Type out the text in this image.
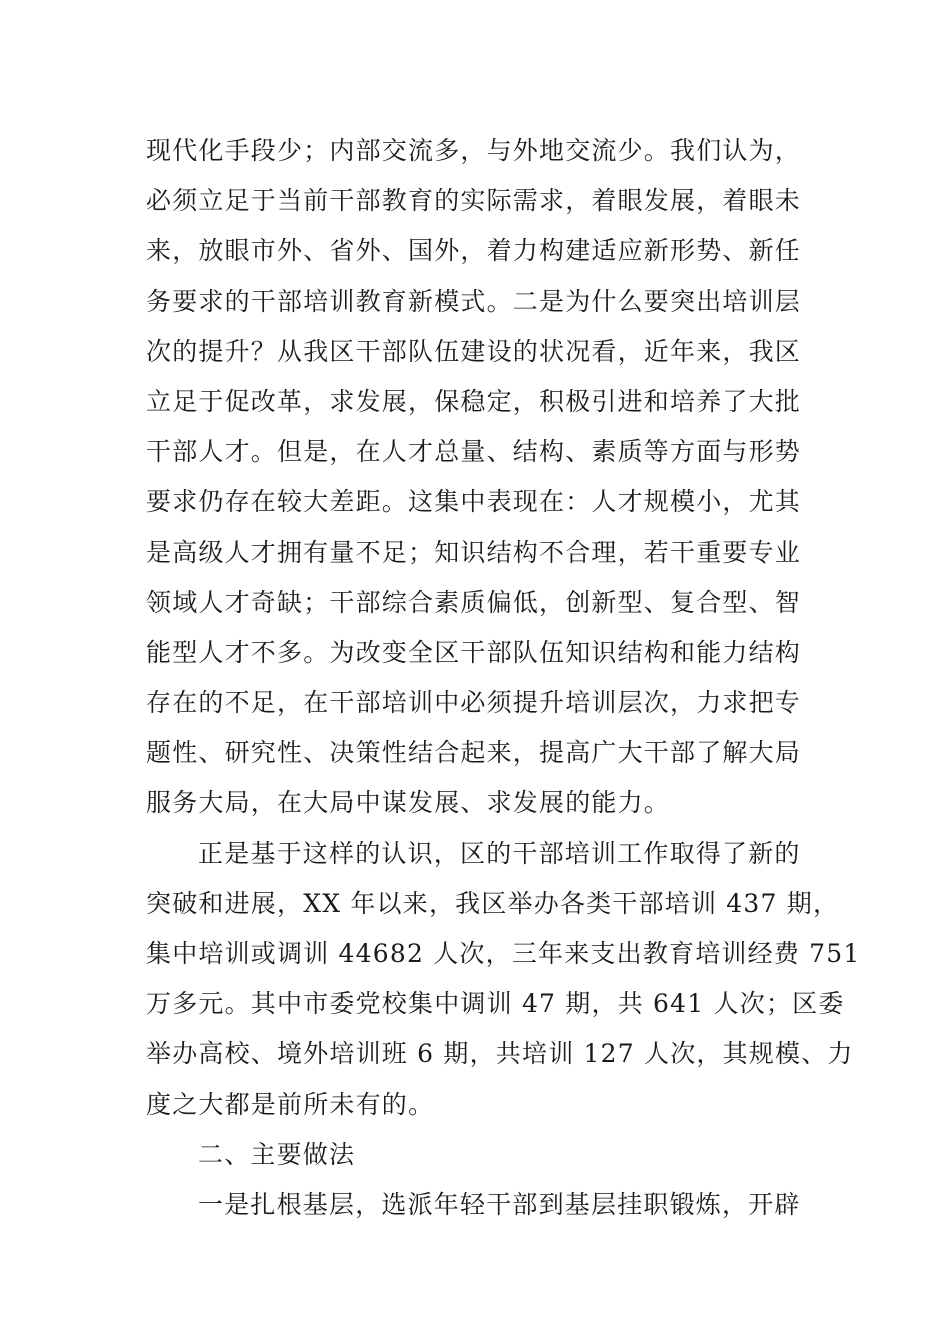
现代化手段少；内部交流多，与外地交流少。我们认为，
必须立足于当前干部教育的实际需求，着眼发展，着眼未
来，放眼市外、省外、国外，着力构建适应新形势、新任
务要求的干部培训教育新模式。二是为什么要突出培训层
次的提升？从我区干部队伍建设的状况看，近年来，我区
立足于促改革，求发展，保稳定，积极引进和培养了大批
干部人才。但是，在人才总量、结构、素质等方面与形势
要求仍存在较大差距。这集中表现在：人才规模小，尤其
是高级人才拥有量不足；知识结构不合理，若干重要专业
领域人才奇缺；干部综合素质偏低，创新型、复合型、智
能型人才不多。为改变全区干部队伍知识结构和能力结构
存在的不足，在干部培训中必须提升培训层次，力求把专
题性、研究性、决策性结合起来，提高广大干部了解大局
服务大局，在大局中谋发展、求发展的能力。
正是基于这样的认识，区的干部培训工作取得了新的
突破和进展，XX 年以来，我区举办各类干部培训 437 期，
集中培训或调训 44682 人次，三年来支出教育培训经费 751
万多元。其中市委党校集中调训 47 期，共 641 人次；区委
举办高校、境外培训班 6 期，共培训 127 人次，其规模、力
度之大都是前所未有的。
二、主要做法
一是扎根基层，选派年轻干部到基层挂职锻炼，开辟
